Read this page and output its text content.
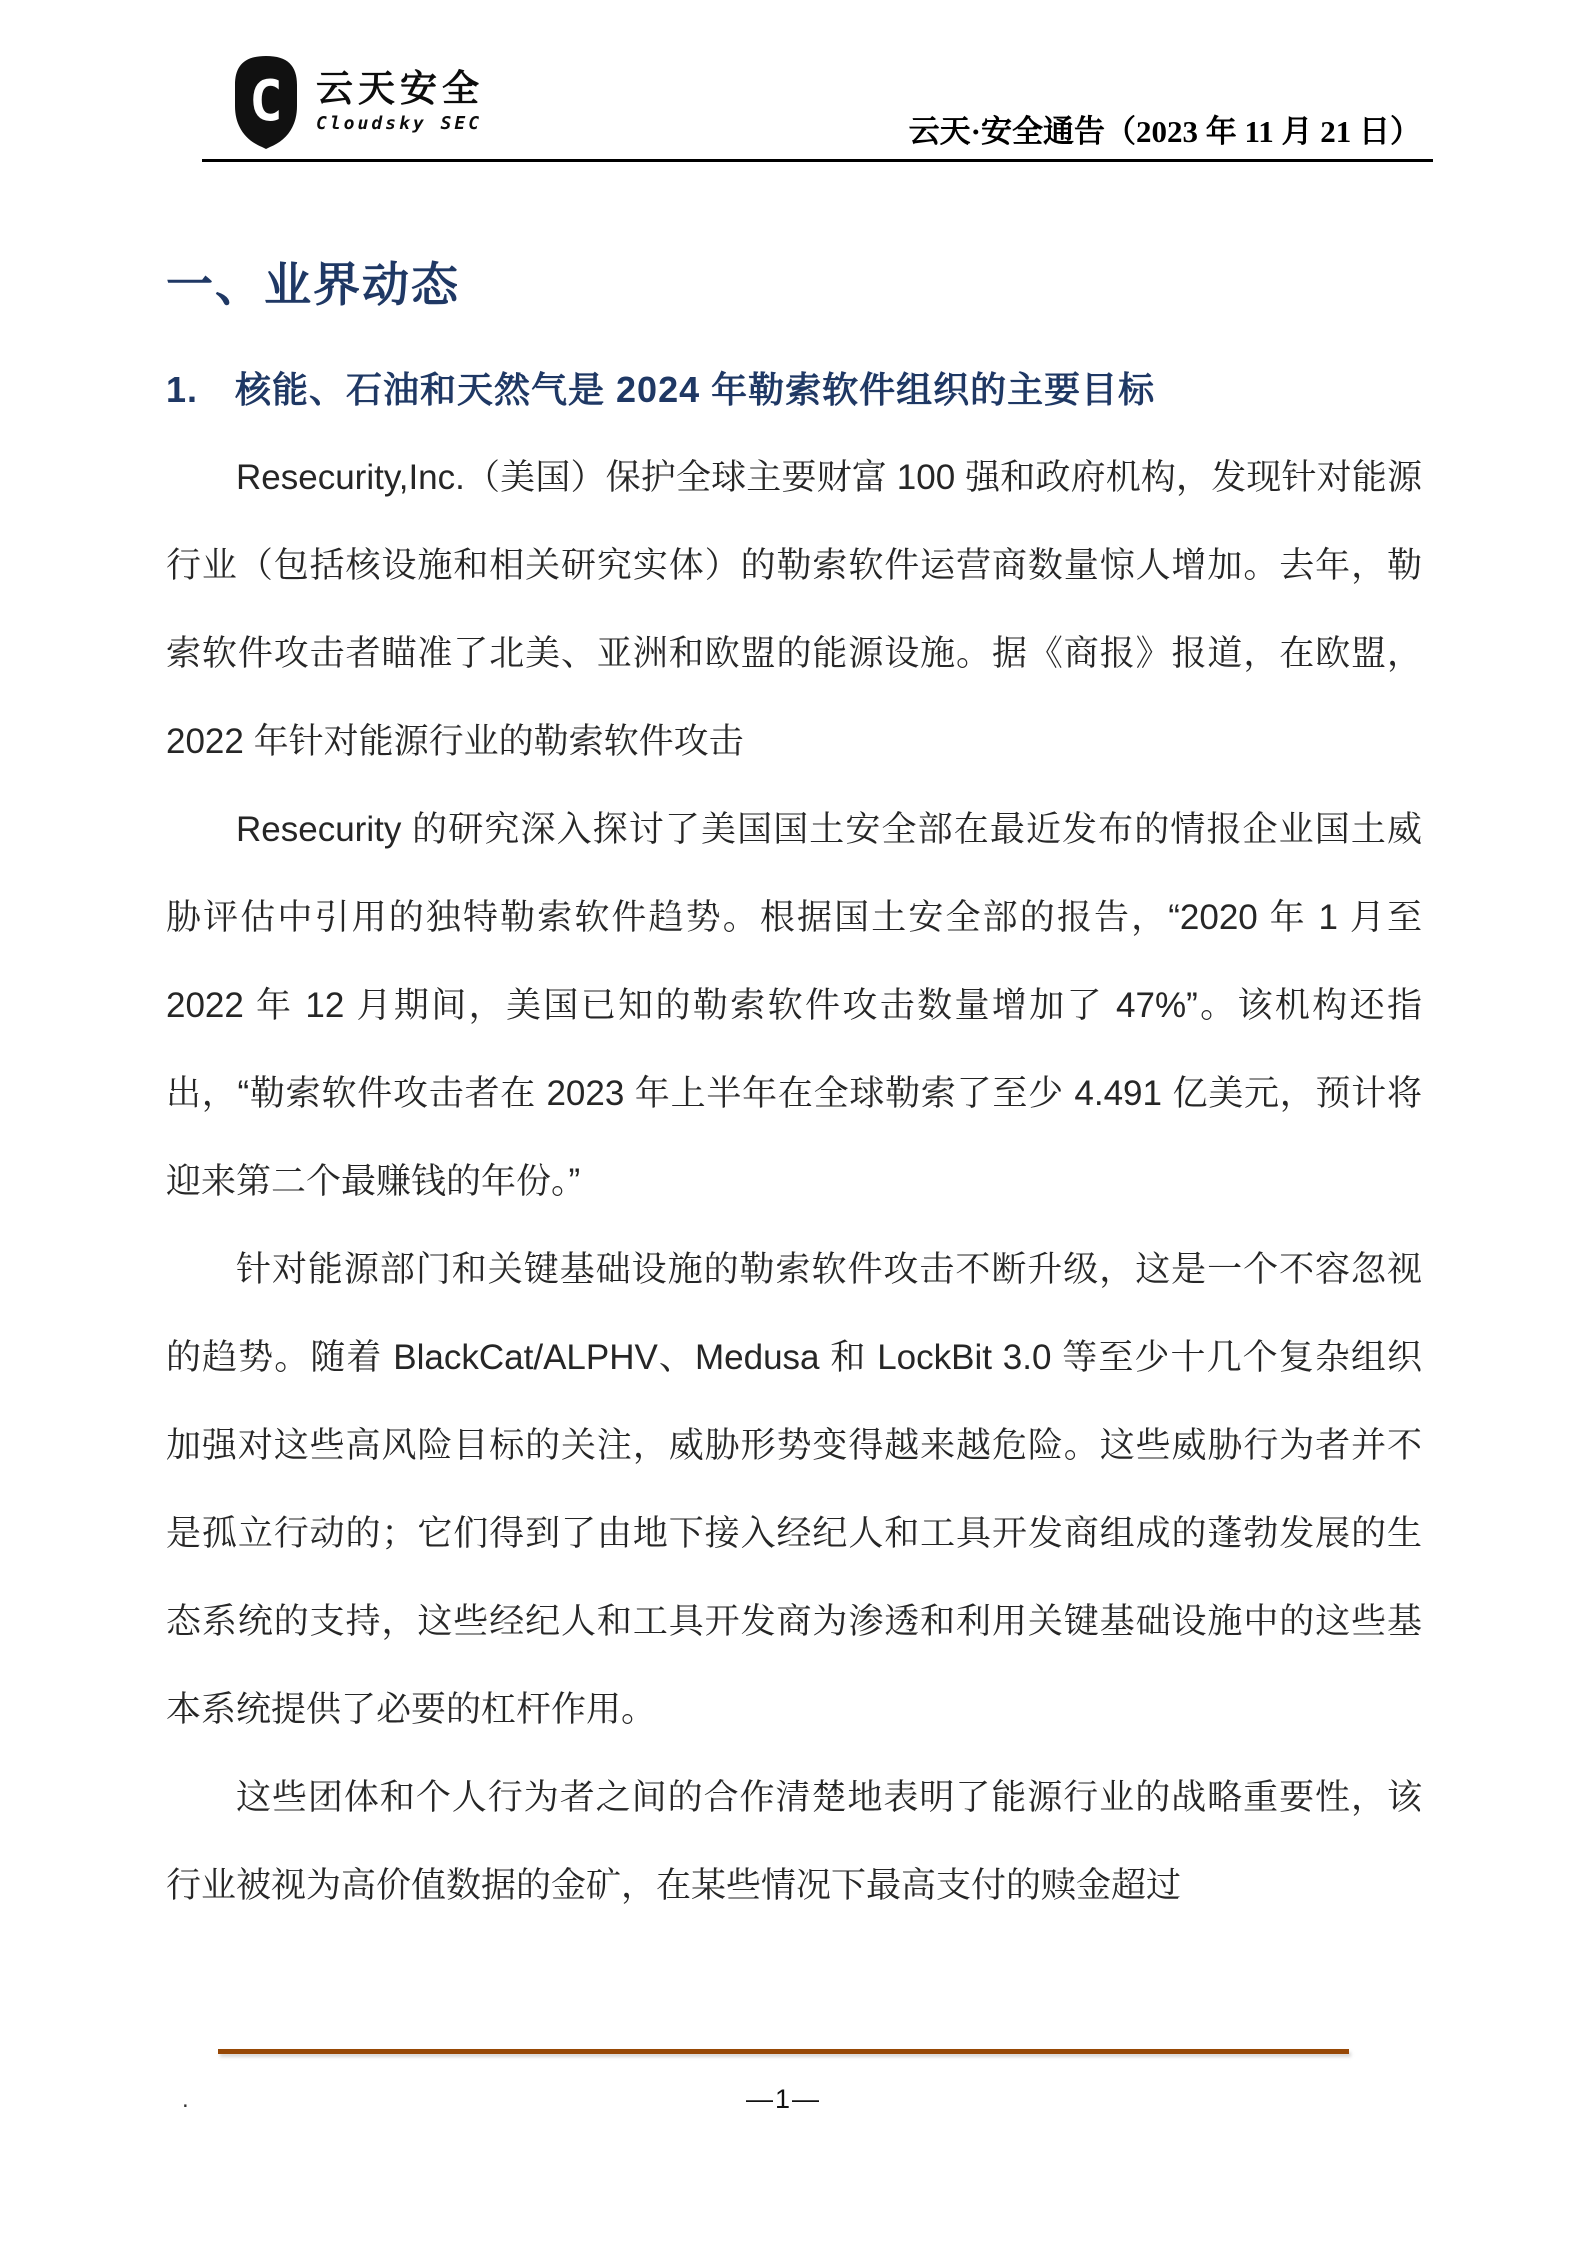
C 云天安全
Cloudsky SEC	云天·安全通告（2023 年 11 月 21 日）
一、业界动态
1.　核能、石油和天然气是 2024 年勒索软件组织的主要目标

Resecurity,Inc.（美国）保护全球主要财富 100 强和政府机构，发现针对能源行业（包括核设施和相关研究实体）的勒索软件运营商数量惊人增加。去年，勒索软件攻击者瞄准了北美、亚洲和欧盟的能源设施。据《商报》报道，在欧盟，2022 年针对能源行业的勒索软件攻击

Resecurity 的研究深入探讨了美国国土安全部在最近发布的情报企业国土威胁评估中引用的独特勒索软件趋势。根据国土安全部的报告，“2020 年 1 月至 2022 年 12 月期间，美国已知的勒索软件攻击数量增加了 47%”。该机构还指出，“勒索软件攻击者在 2023 年上半年在全球勒索了至少 4.491 亿美元，预计将迎来第二个最赚钱的年份。”

针对能源部门和关键基础设施的勒索软件攻击不断升级，这是一个不容忽视的趋势。随着 BlackCat/ALPHV、Medusa 和 LockBit 3.0 等至少十几个复杂组织加强对这些高风险目标的关注，威胁形势变得越来越危险。这些威胁行为者并不是孤立行动的；它们得到了由地下接入经纪人和工具开发商组成的蓬勃发展的生态系统的支持，这些经纪人和工具开发商为渗透和利用关键基础设施中的这些基本系统提供了必要的杠杆作用。

这些团体和个人行为者之间的合作清楚地表明了能源行业的战略重要性，该行业被视为高价值数据的金矿，在某些情况下最高支付的赎金超过

.	—1—
